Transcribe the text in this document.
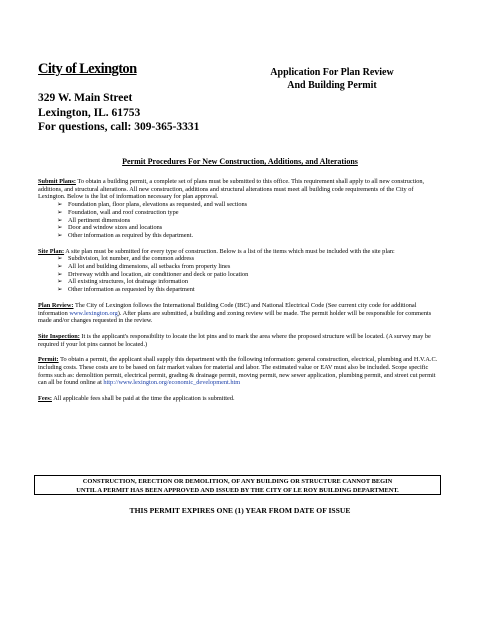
City of Lexington	Application For Plan Review
And Building Permit
329 W. Main Street
Lexington, IL. 61753
For questions, call: 309-365-3331
Permit Procedures For New Construction, Additions, and Alterations

Submit Plans: To obtain a building permit, a complete set of plans must be submitted to this office. This requirement shall apply to all new construction, additions, and structural alterations. All new construction, additions and structural alterations must meet all building code requirements of the City of Lexington. Below is the list of information necessary for plan approval.

➢ Foundation plan, floor plans, elevations as requested, and wall sections
➢ Foundation, wall and roof construction type
➢ All pertinent dimensions
➢ Door and window sizes and locations
➢ Other information as required by this department.

Site Plan: A site plan must be submitted for every type of construction. Below is a list of the items which must be included with the site plan:

➢ Subdivision, lot number, and the common address
➢ All lot and building dimensions, all setbacks from property lines
➢ Driveway width and location, air conditioner and deck or patio location
➢ All existing structures, lot drainage information
➢ Other information as requested by this department

Plan Review: The City of Lexington follows the International Building Code (IBC) and National Electrical Code (See current city code for additional information www.lexington.org). After plans are submitted, a building and zoning review will be made. The permit holder will be responsible for comments made and/or changes requested in the review.

Site Inspection: It is the applicant's responsibility to locate the lot pins and to mark the area where the proposed structure will be located. (A survey may be required if your lot pins cannot be located.)

Permit: To obtain a permit, the applicant shall supply this department with the following information: general construction, electrical, plumbing and H.V.A.C. including costs. These costs are to be based on fair market values for material and labor. The estimated value or EAV must also be included. Scope specific forms such as: demolition permit, electrical permit, grading & drainage permit, moving permit, new sewer application, plumbing permit, and street cut permit can all be found online at http://www.lexington.org/economic_development.htm

Fees: All applicable fees shall be paid at the time the application is submitted.

CONSTRUCTION, ERECTION OR DEMOLITION, OF ANY BUILDING OR STRUCTURE CANNOT BEGIN
UNTIL A PERMIT HAS BEEN APPROVED AND ISSUED BY THE CITY OF LE ROY BUILDING DEPARTMENT.
THIS PERMIT EXPIRES ONE (1) YEAR FROM DATE OF ISSUE
